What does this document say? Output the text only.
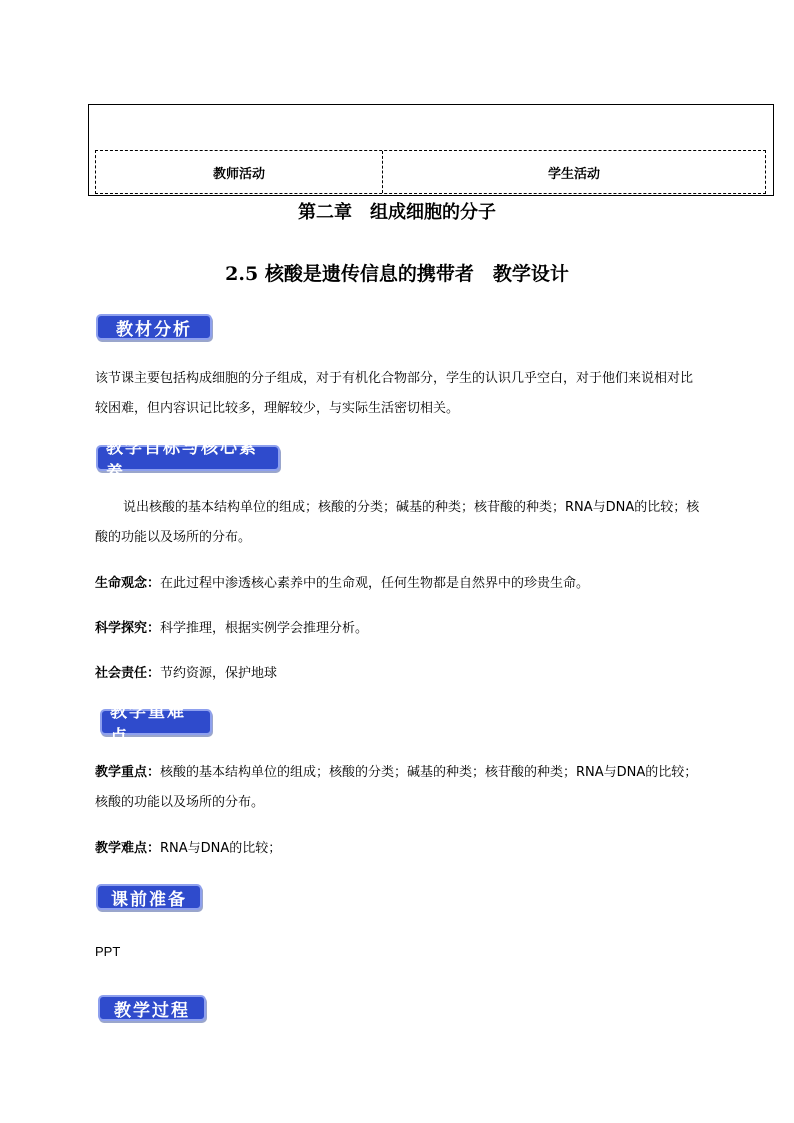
教师活动	学生活动
第二章　组成细胞的分子
2.5 核酸是遗传信息的携带者　教学设计
教材分析
该节课主要包括构成细胞的分子组成，对于有机化合物部分，学生的认识几乎空白，对于他们来说相对比较困难，但内容识记比较多，理解较少，与实际生活密切相关。
教学目标与核心素养
说出核酸的基本结构单位的组成；核酸的分类；碱基的种类；核苷酸的种类；RNA与DNA的比较；核酸的功能以及场所的分布。
生命观念：在此过程中渗透核心素养中的生命观，任何生物都是自然界中的珍贵生命。
科学探究：科学推理，根据实例学会推理分析。
社会责任：节约资源，保护地球
教学重难点
教学重点：核酸的基本结构单位的组成；核酸的分类；碱基的种类；核苷酸的种类；RNA与DNA的比较；核酸的功能以及场所的分布。
教学难点：RNA与DNA的比较；
课前准备
PPT
教学过程
